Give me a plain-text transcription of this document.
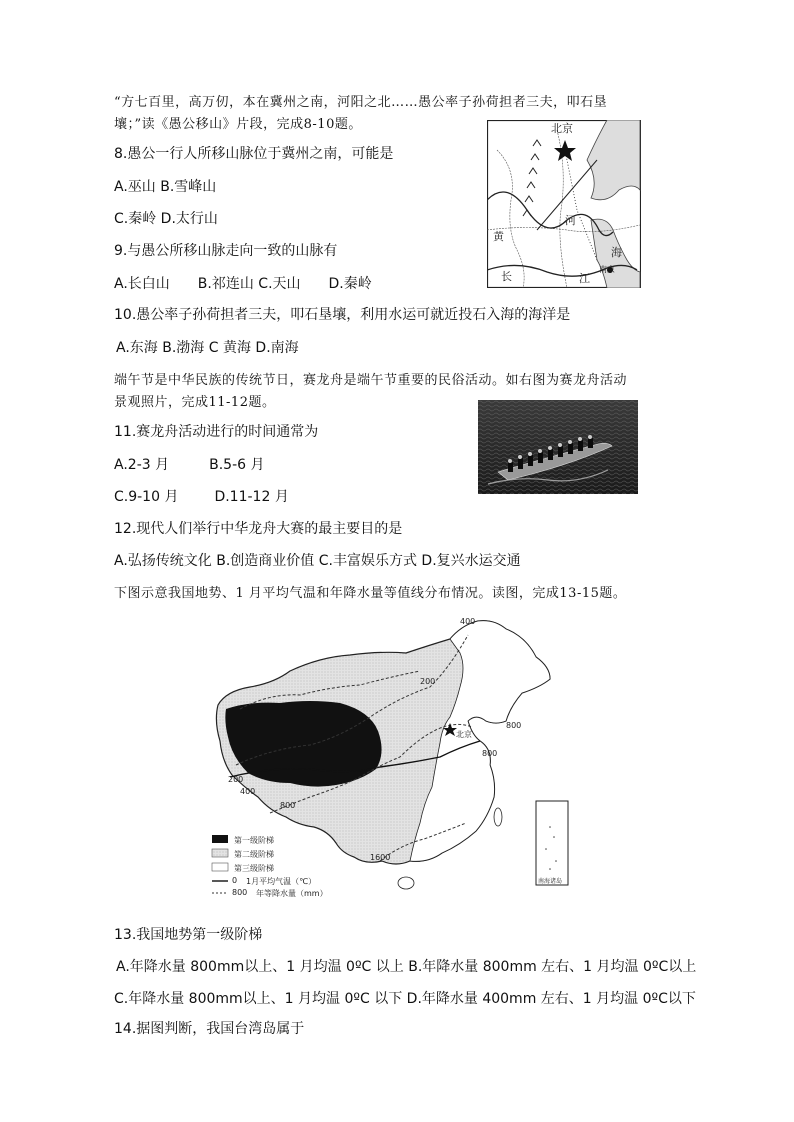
“方七百里，高万仞，本在冀州之南，河阳之北……愚公率子孙荷担者三夫，叩石垦
壤；”读《愚公移山》片段，完成8-10题。
8.愚公一行人所移山脉位于冀州之南，可能是
A.巫山 B.雪峰山
C.秦岭 D.太行山
9.与愚公所移山脉走向一致的山脉有
A.长白山 B.祁连山 C.天山 D.秦岭
10.愚公率子孙荷担者三夫，叩石垦壤，利用水运可就近投石入海的海洋是
A.东海 B.渤海 C 黄海 D.南海
端午节是中华民族的传统节日，赛龙舟是端午节重要的民俗活动。如右图为赛龙舟活动
景观照片，完成11-12题。
11.赛龙舟活动进行的时间通常为
A.2-3 月	B.5-6 月
C.9-10 月	D.11-12 月
12.现代人们举行中华龙舟大赛的最主要目的是
A.弘扬传统文化 B.创造商业价值 C.丰富娱乐方式 D.复兴水运交通
下图示意我国地势、1 月平均气温和年降水量等值线分布情况。读图，完成13-15题。
13.我国地势第一级阶梯
A.年降水量 800mm以上、1 月均温 0ºC 以上 B.年降水量 800mm 左右、1 月均温 0ºC以上
C.年降水量 800mm以上、1 月均温 0ºC 以下 D.年降水量 400mm 左右、1 月均温 0ºC以下
14.据图判断，我国台湾岛属于
北京
黄
河
海
长	江
南京
400
200
800
800
北京
200
400
800
1600
第一级阶梯
第二级阶梯
第三级阶梯
0 1月平均气温（℃）
800 年等降水量（mm）
南海诸岛
